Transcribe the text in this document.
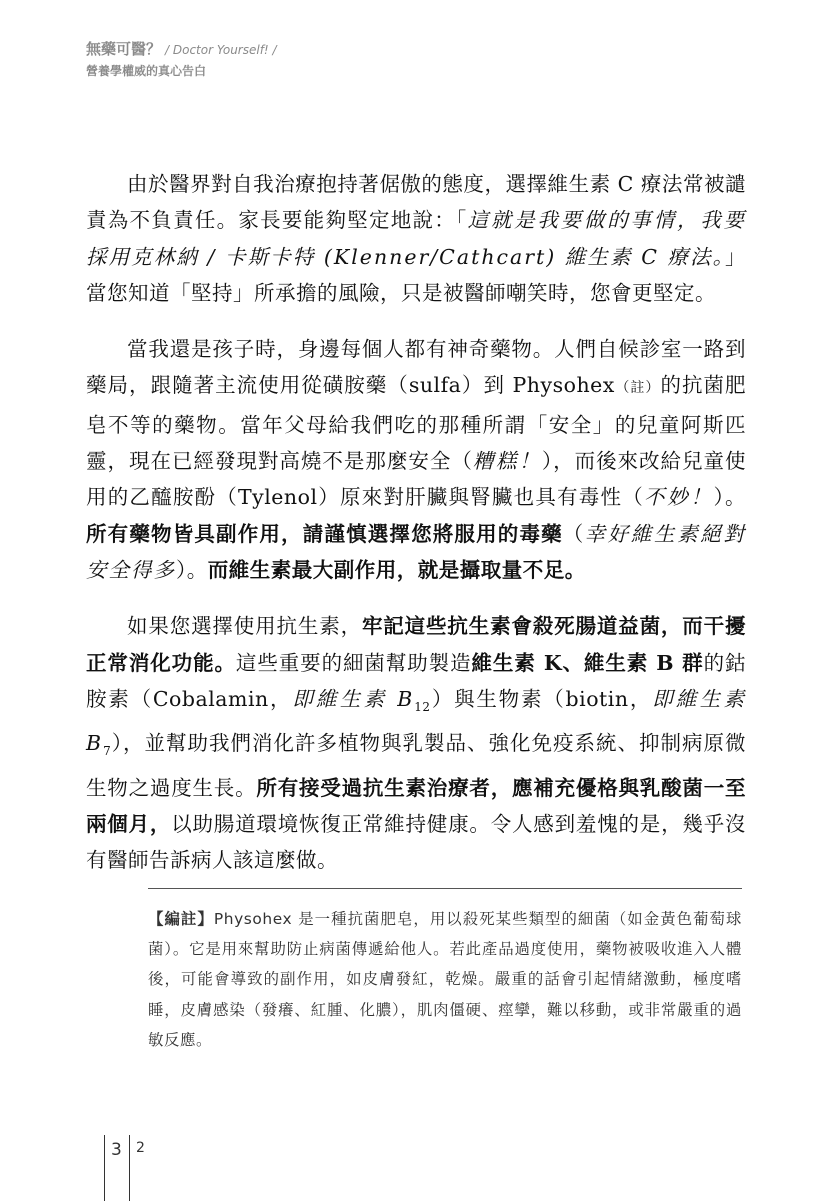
無藥可醫？ / Doctor Yourself! /
營養學權威的真心告白

由於醫界對自我治療抱持著倨傲的態度，選擇維生素 C 療法常被譴責為不負責任。家長要能夠堅定地說：「這就是我要做的事情，我要採用克林納 / 卡斯卡特 (Klenner/Cathcart) 維生素 C 療法。」當您知道「堅持」所承擔的風險，只是被醫師嘲笑時，您會更堅定。

當我還是孩子時，身邊每個人都有神奇藥物。人們自候診室一路到藥局，跟隨著主流使用從磺胺藥（sulfa）到 Physohex（註）的抗菌肥皂不等的藥物。當年父母給我們吃的那種所謂「安全」的兒童阿斯匹靈，現在已經發現對高燒不是那麼安全（糟糕！），而後來改給兒童使用的乙醯胺酚（Tylenol）原來對肝臟與腎臟也具有毒性（不妙！）。所有藥物皆具副作用，請謹慎選擇您將服用的毒藥（幸好維生素絕對安全得多）。而維生素最大副作用，就是攝取量不足。

如果您選擇使用抗生素，牢記這些抗生素會殺死腸道益菌，而干擾正常消化功能。這些重要的細菌幫助製造維生素 K、維生素 B 群的鈷胺素（Cobalamin，即維生素 $B_{12}$）與生物素（biotin，即維生素 $B_7$），並幫助我們消化許多植物與乳製品、強化免疫系統、抑制病原微生物之過度生長。所有接受過抗生素治療者，應補充優格與乳酸菌一至兩個月，以助腸道環境恢復正常維持健康。令人感到羞愧的是，幾乎沒有醫師告訴病人該這麼做。

【編註】Physohex 是一種抗菌肥皂，用以殺死某些類型的細菌（如金黃色葡萄球菌）。它是用來幫助防止病菌傳遞給他人。若此產品過度使用，藥物被吸收進入人體後，可能會導致的副作用，如皮膚發紅，乾燥。嚴重的話會引起情緒激動，極度嗜睡，皮膚感染（發癢、紅腫、化膿），肌肉僵硬、痙攣，難以移動，或非常嚴重的過敏反應。
3 2
